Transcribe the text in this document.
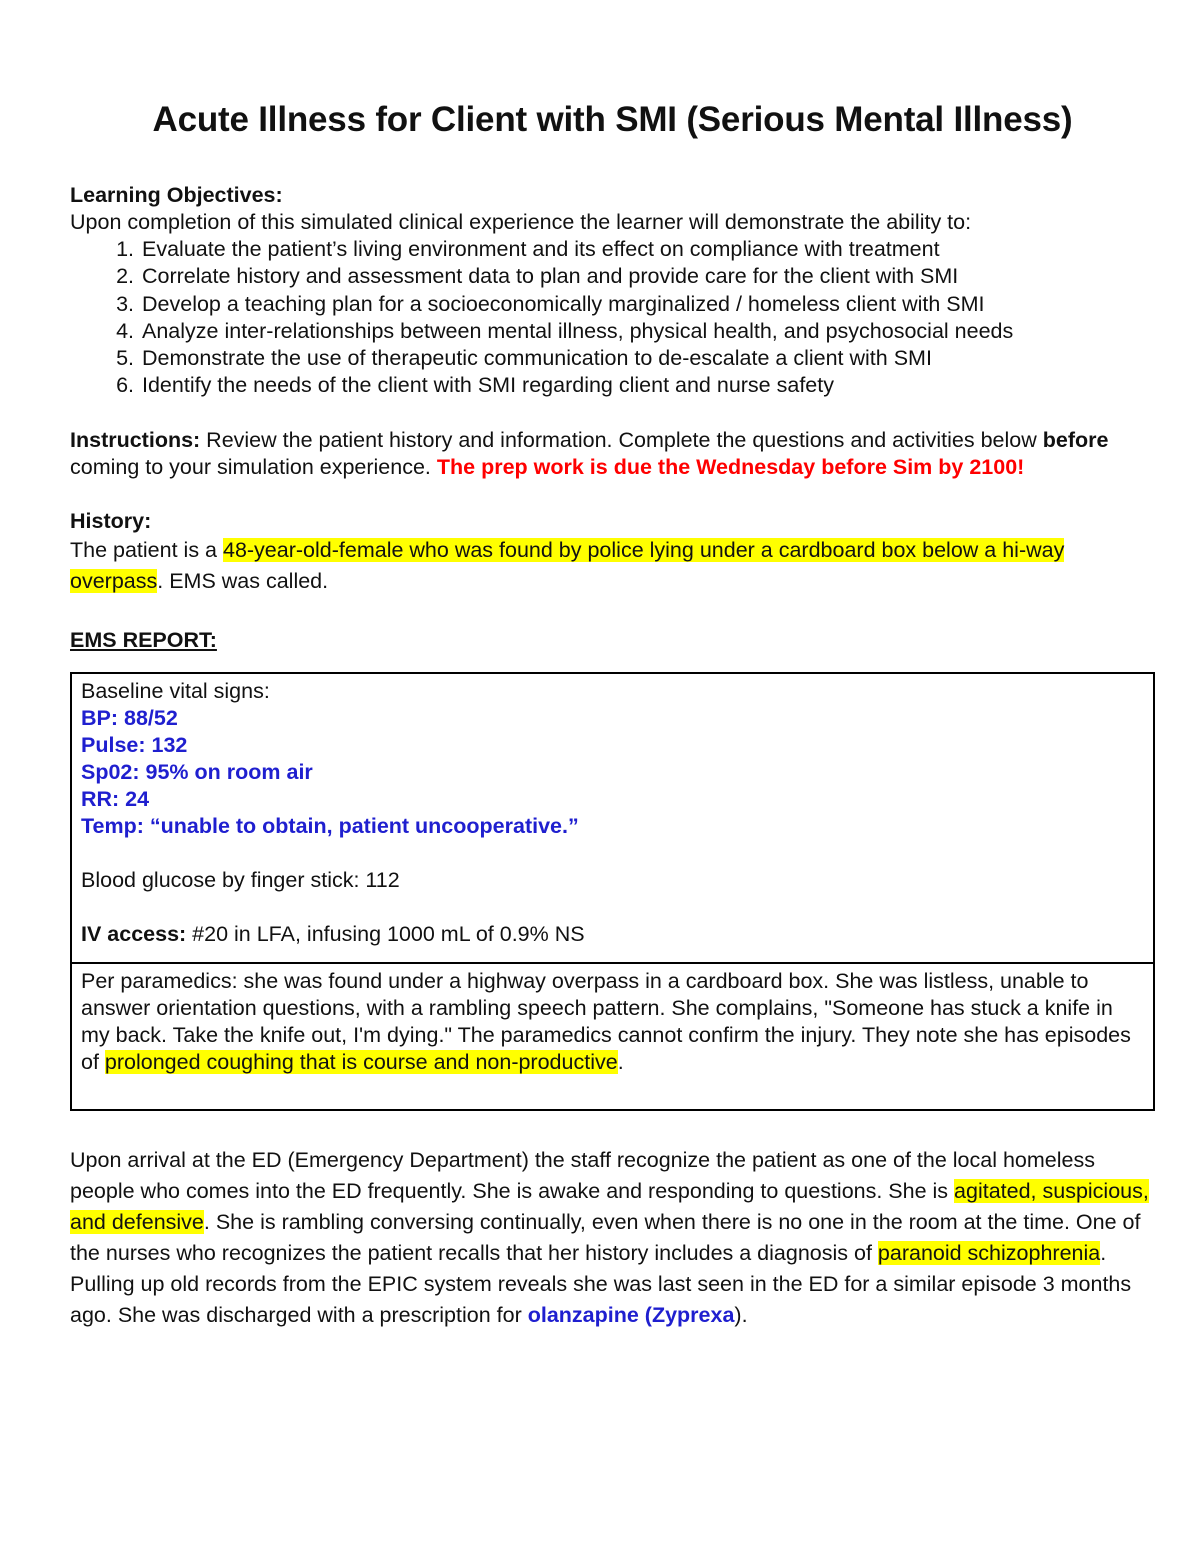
Acute Illness for Client with SMI (Serious Mental Illness)

Learning Objectives:

Upon completion of this simulated clinical experience the learner will demonstrate the ability to:

1. Evaluate the patient’s living environment and its effect on compliance with treatment
2. Correlate history and assessment data to plan and provide care for the client with SMI
3. Develop a teaching plan for a socioeconomically marginalized / homeless client with SMI
4. Analyze inter-relationships between mental illness, physical health, and psychosocial needs
5. Demonstrate the use of therapeutic communication to de-escalate a client with SMI
6. Identify the needs of the client with SMI regarding client and nurse safety

Instructions: Review the patient history and information. Complete the questions and activities below before coming to your simulation experience. The prep work is due the Wednesday before Sim by 2100!

History:

The patient is a 48-year-old-female who was found by police lying under a cardboard box below a hi-way overpass. EMS was called.

EMS REPORT:

Baseline vital signs:
BP: 88/52
Pulse: 132
Sp02: 95% on room air
RR: 24
Temp: “unable to obtain, patient uncooperative.”
Blood glucose by finger stick: 112
IV access: #20 in LFA, infusing 1000 mL of 0.9% NS
Per paramedics: she was found under a highway overpass in a cardboard box. She was listless, unable to answer orientation questions, with a rambling speech pattern. She complains, "Someone has stuck a knife in my back. Take the knife out, I'm dying." The paramedics cannot confirm the injury. They note she has episodes of prolonged coughing that is course and non-productive.

Upon arrival at the ED (Emergency Department) the staff recognize the patient as one of the local homeless people who comes into the ED frequently. She is awake and responding to questions. She is agitated, suspicious, and defensive. She is rambling conversing continually, even when there is no one in the room at the time. One of the nurses who recognizes the patient recalls that her history includes a diagnosis of paranoid schizophrenia. Pulling up old records from the EPIC system reveals she was last seen in the ED for a similar episode 3 months ago. She was discharged with a prescription for olanzapine (Zyprexa).
